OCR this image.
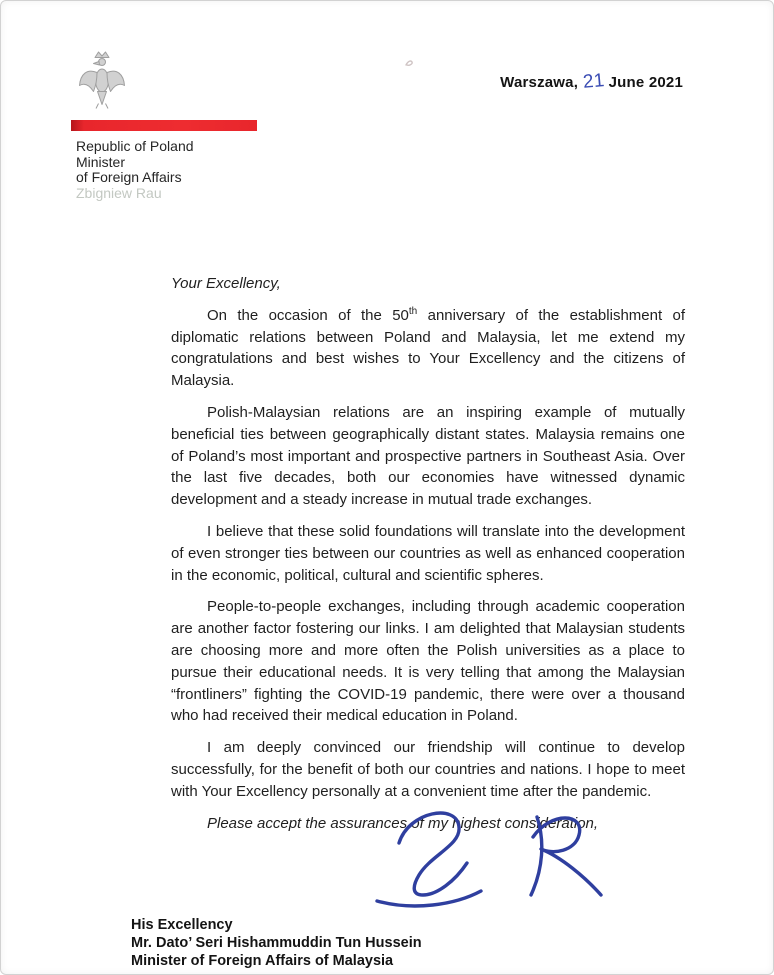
Warszawa, 21 June 2021
Republic of Poland
Minister
of Foreign Affairs
Zbigniew Rau

Your Excellency,

On the occasion of the 50th anniversary of the establishment of diplomatic relations between Poland and Malaysia, let me extend my congratulations and best wishes to Your Excellency and the citizens of Malaysia.

Polish-Malaysian relations are an inspiring example of mutually beneficial ties between geographically distant states. Malaysia remains one of Poland’s most important and prospective partners in Southeast Asia. Over the last five decades, both our economies have witnessed dynamic development and a steady increase in mutual trade exchanges.

I believe that these solid foundations will translate into the development of even stronger ties between our countries as well as enhanced cooperation in the economic, political, cultural and scientific spheres.

People-to-people exchanges, including through academic cooperation are another factor fostering our links. I am delighted that Malaysian students are choosing more and more often the Polish universities as a place to pursue their educational needs. It is very telling that among the Malaysian “frontliners” fighting the COVID-19 pandemic, there were over a thousand who had received their medical education in Poland.

I am deeply convinced our friendship will continue to develop successfully, for the benefit of both our countries and nations. I hope to meet with Your Excellency personally at a convenient time after the pandemic.

Please accept the assurances of my highest consideration,

His Excellency
Mr. Dato’ Seri Hishammuddin Tun Hussein
Minister of Foreign Affairs of Malaysia
